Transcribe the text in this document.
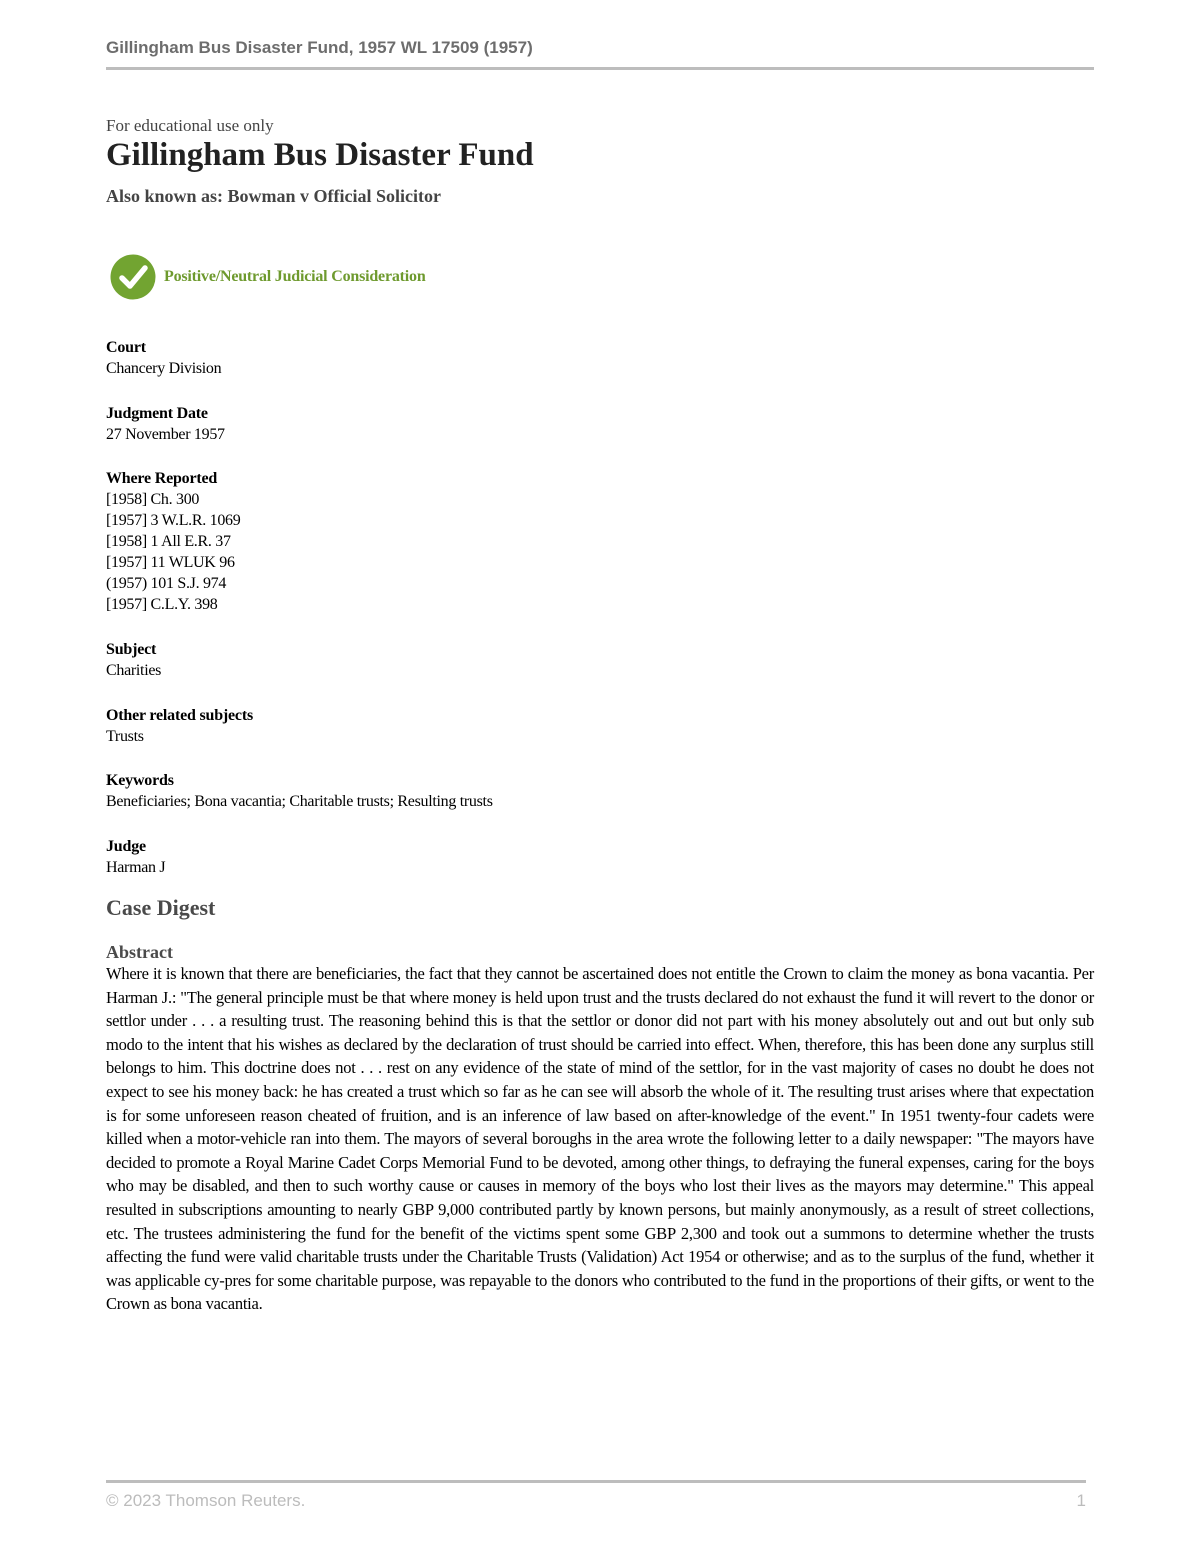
Gillingham Bus Disaster Fund, 1957 WL 17509 (1957)
For educational use only
Gillingham Bus Disaster Fund
Also known as: Bowman v Official Solicitor
Positive/Neutral Judicial Consideration
Court
Chancery Division
Judgment Date
27 November 1957
Where Reported
[1958] Ch. 300
[1957] 3 W.L.R. 1069
[1958] 1 All E.R. 37
[1957] 11 WLUK 96
(1957) 101 S.J. 974
[1957] C.L.Y. 398
Subject
Charities
Other related subjects
Trusts
Keywords
Beneficiaries; Bona vacantia; Charitable trusts; Resulting trusts
Judge
Harman J
Case Digest
Abstract

Where it is known that there are beneficiaries, the fact that they cannot be ascertained does not entitle the Crown to claim the money as bona vacantia. Per Harman J.: "The general principle must be that where money is held upon trust and the trusts declared do not exhaust the fund it will revert to the donor or settlor under . . . a resulting trust. The reasoning behind this is that the settlor or donor did not part with his money absolutely out and out but only sub modo to the intent that his wishes as declared by the declaration of trust should be carried into effect. When, therefore, this has been done any surplus still belongs to him. This doctrine does not . . . rest on any evidence of the state of mind of the settlor, for in the vast majority of cases no doubt he does not expect to see his money back: he has created a trust which so far as he can see will absorb the whole of it. The resulting trust arises where that expectation is for some unforeseen reason cheated of fruition, and is an inference of law based on after-knowledge of the event." In 1951 twenty-four cadets were killed when a motor-vehicle ran into them. The mayors of several boroughs in the area wrote the following letter to a daily newspaper: "The mayors have decided to promote a Royal Marine Cadet Corps Memorial Fund to be devoted, among other things, to defraying the funeral expenses, caring for the boys who may be disabled, and then to such worthy cause or causes in memory of the boys who lost their lives as the mayors may determine." This appeal resulted in subscriptions amounting to nearly GBP 9,000 contributed partly by known persons, but mainly anonymously, as a result of street collections, etc. The trustees administering the fund for the benefit of the victims spent some GBP 2,300 and took out a summons to determine whether the trusts affecting the fund were valid charitable trusts under the Charitable Trusts (Validation) Act 1954 or otherwise; and as to the surplus of the fund, whether it was applicable cy-pres for some charitable purpose, was repayable to the donors who contributed to the fund in the proportions of their gifts, or went to the Crown as bona vacantia.

© 2023 Thomson Reuters.	1
